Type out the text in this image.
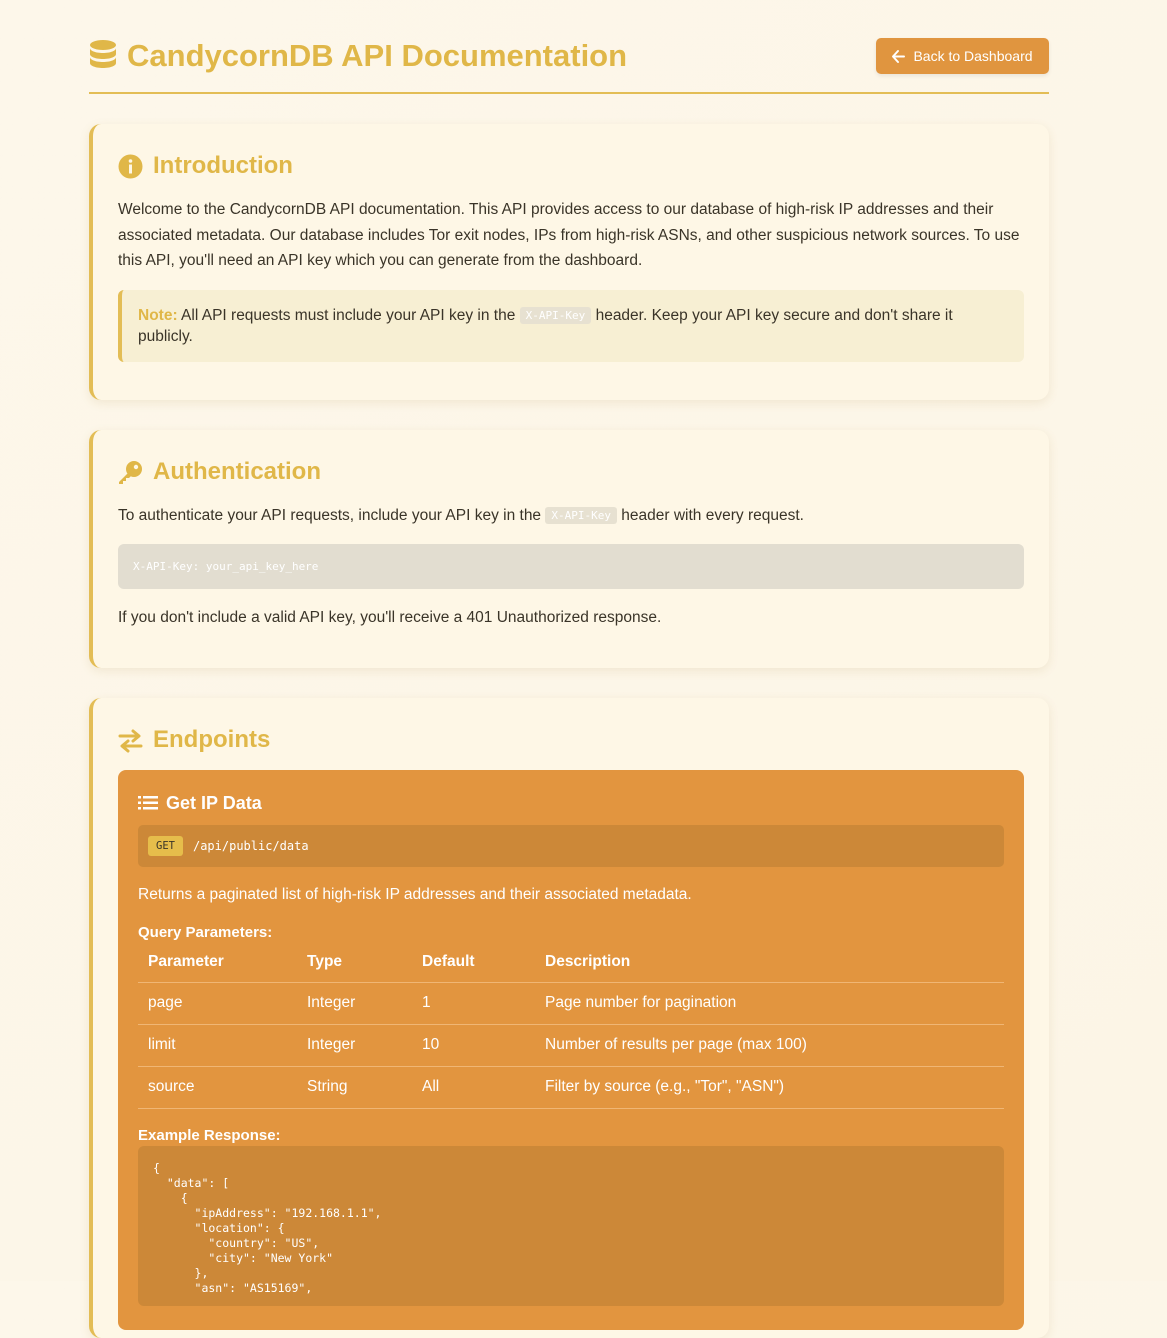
CandycornDB API Documentation	Back to Dashboard
Introduction

Welcome to the CandycornDB API documentation. This API provides access to our database of high-risk IP addresses and their associated metadata. Our database includes Tor exit nodes, IPs from high-risk ASNs, and other suspicious network sources. To use this API, you'll need an API key which you can generate from the dashboard.

Note: All API requests must include your API key in the X-API-Key header. Keep your API key secure and don't share it publicly.
Authentication

To authenticate your API requests, include your API key in the X-API-Key header with every request.

X-API-Key: your_api_key_here

If you don't include a valid API key, you'll receive a 401 Unauthorized response.

Endpoints
Get IP Data
GET	/api/public/data

Returns a paginated list of high-risk IP addresses and their associated metadata.

Query Parameters:

Parameter	Type	Default	Description
page	Integer	1	Page number for pagination
limit	Integer	10	Number of results per page (max 100)
source	String	All	Filter by source (e.g., "Tor", "ASN")

Example Response:

{
"data": [
{
"ipAddress": "192.168.1.1",
"location": {
"country": "US",
"city": "New York"
},
"asn": "AS15169",
